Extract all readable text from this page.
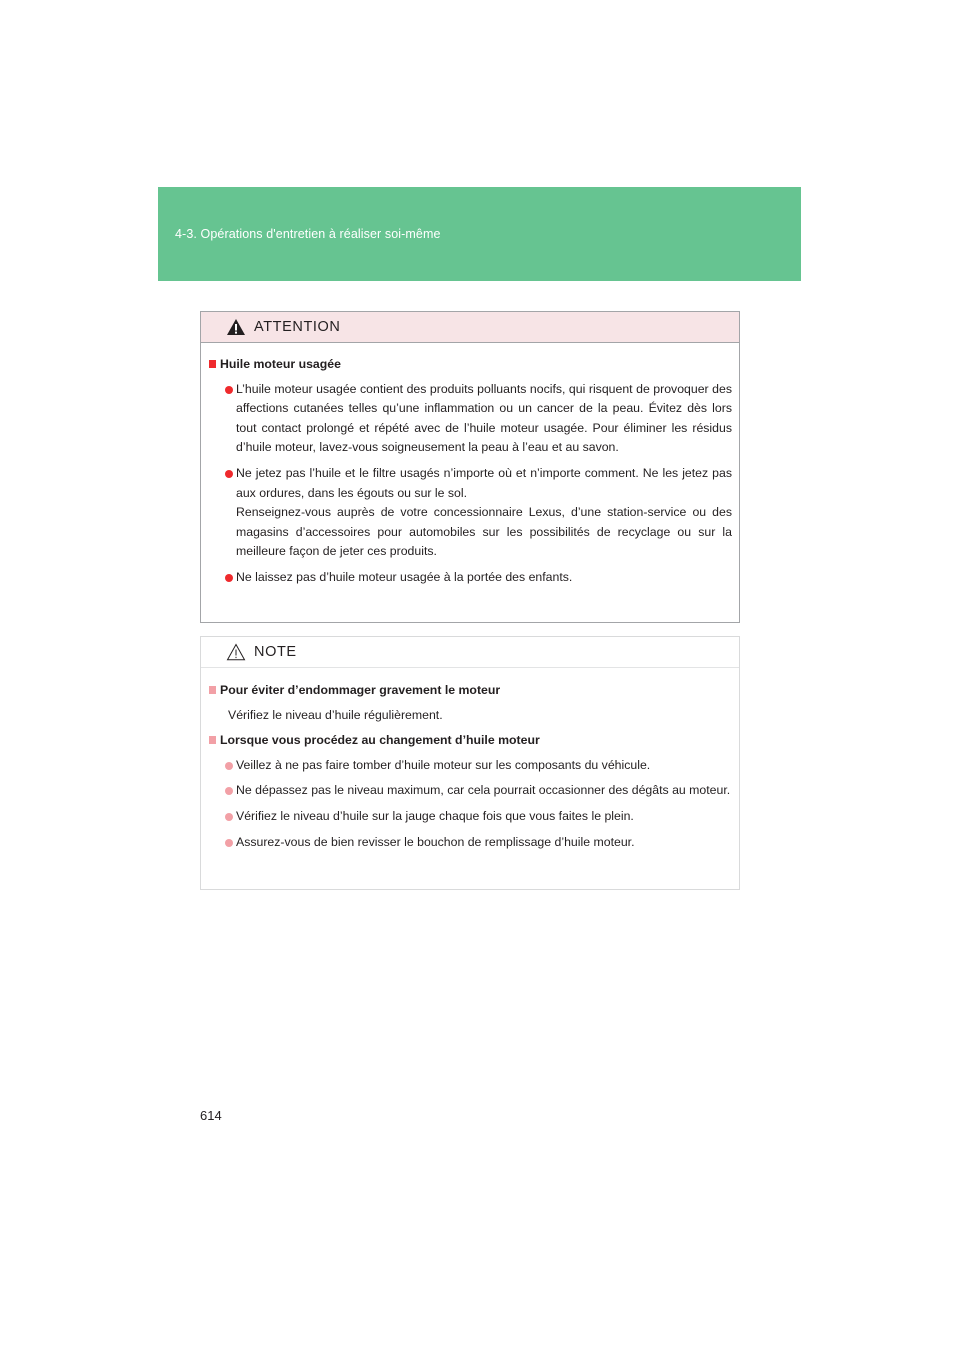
4-3. Opérations d'entretien à réaliser soi-même
ATTENTION
Huile moteur usagée
L’huile moteur usagée contient des produits polluants nocifs, qui risquent de provoquer des affections cutanées telles qu’une inflammation ou un cancer de la peau. Évitez dès lors tout contact prolongé et répété avec de l’huile moteur usagée. Pour éliminer les résidus d’huile moteur, lavez-vous soigneusement la peau à l’eau et au savon.
Ne jetez pas l’huile et le filtre usagés n’importe où et n’importe comment. Ne les jetez pas aux ordures, dans les égouts ou sur le sol.
Renseignez-vous auprès de votre concessionnaire Lexus, d’une station-service ou des magasins d’accessoires pour automobiles sur les possibilités de recyclage ou sur la meilleure façon de jeter ces produits.
Ne laissez pas d’huile moteur usagée à la portée des enfants.
NOTE
Pour éviter d’endommager gravement le moteur
Vérifiez le niveau d’huile régulièrement.
Lorsque vous procédez au changement d’huile moteur
Veillez à ne pas faire tomber d’huile moteur sur les composants du véhicule.
Ne dépassez pas le niveau maximum, car cela pourrait occasionner des dégâts au moteur.
Vérifiez le niveau d’huile sur la jauge chaque fois que vous faites le plein.
Assurez-vous de bien revisser le bouchon de remplissage d’huile moteur.
614
